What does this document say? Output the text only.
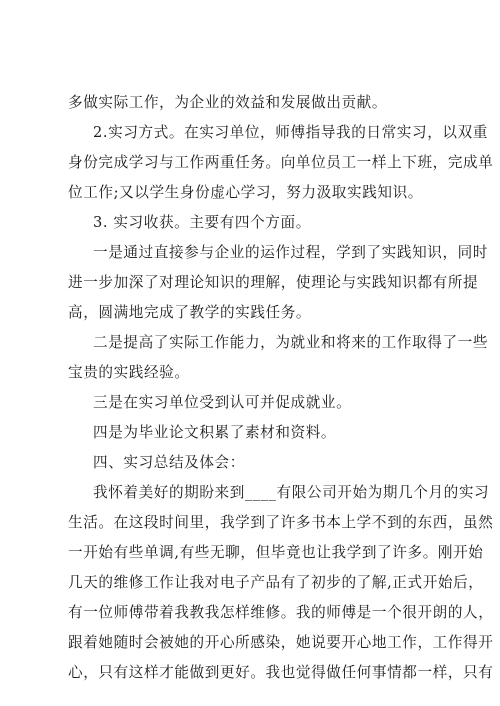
多做实际工作，为企业的效益和发展做出贡献。
2.实习方式。在实习单位，师傅指导我的日常实习，以双重
身份完成学习与工作两重任务。向单位员工一样上下班，完成单
位工作;又以学生身份虚心学习，努力汲取实践知识。
3. 实习收获。主要有四个方面。
一是通过直接参与企业的运作过程，学到了实践知识，同时
进一步加深了对理论知识的理解，使理论与实践知识都有所提
高，圆满地完成了教学的实践任务。
二是提高了实际工作能力，为就业和将来的工作取得了一些
宝贵的实践经验。
三是在实习单位受到认可并促成就业。
四是为毕业论文积累了素材和资料。
四、实习总结及体会：
我怀着美好的期盼来到____有限公司开始为期几个月的实习
生活。在这段时间里，我学到了许多书本上学不到的东西，虽然
一开始有些单调,有些无聊，但毕竟也让我学到了许多。刚开始
几天的维修工作让我对电子产品有了初步的了解,正式开始后，
有一位师傅带着我教我怎样维修。我的师傅是一个很开朗的人，
跟着她随时会被她的开心所感染，她说要开心地工作，工作得开
心，只有这样才能做到更好。我也觉得做任何事情都一样，只有
